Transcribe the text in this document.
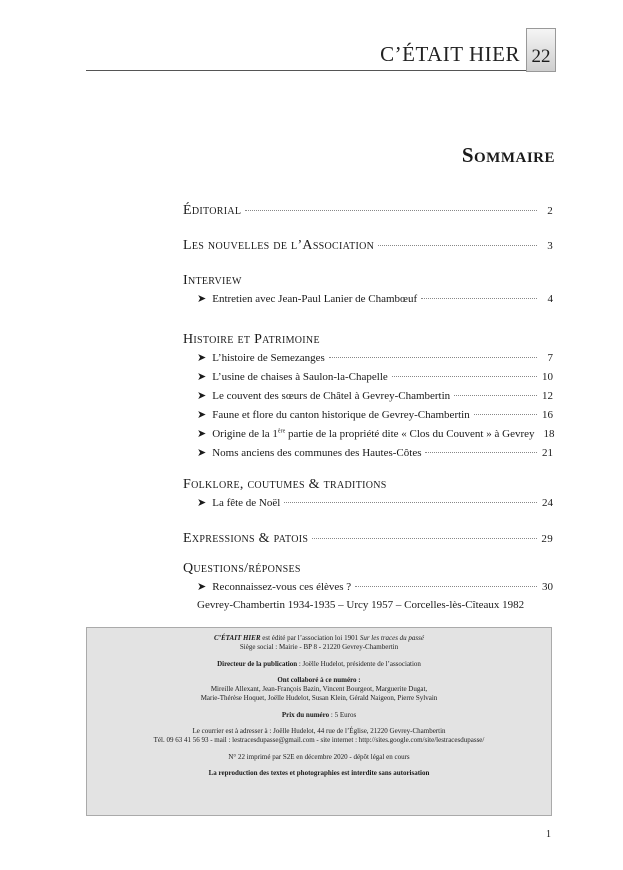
C’ÉTAIT HIER 22
Sommaire
Éditorial	2
Les nouvelles de l’Association	3
Interview
➤ Entretien avec Jean-Paul Lanier de Chambœuf	4
Histoire et Patrimoine
➤ L’histoire de Semezanges	7
➤ L’usine de chaises à Saulon-la-Chapelle	10
➤ Le couvent des sœurs de Châtel à Gevrey-Chambertin	12
➤ Faune et flore du canton historique de Gevrey-Chambertin	16
➤ Origine de la 1ère partie de la propriété dite « Clos du Couvent » à Gevrey 18
➤ Noms anciens des communes des Hautes-Côtes	21
Folklore, coutumes & traditions
➤ La fête de Noël	24
Expressions & patois	29
Questions/réponses
➤ Reconnaissez-vous ces élèves ?	30
Gevrey-Chambertin 1934-1935 – Urcy 1957 – Corcelles-lès-Cîteaux 1982
C’ÉTAIT HIER est édité par l’association loi 1901 Sur les traces du passé
Siège social : Mairie - BP 8 - 21220 Gevrey-Chambertin
Directeur de la publication : Joëlle Hudelot, présidente de l’association
Ont collaboré à ce numéro :
Mireille Allexant, Jean-François Bazin, Vincent Bourgeot, Marguerite Dugat,
Marie-Thérèse Hoquet, Joëlle Hudelot, Susan Klein, Gérald Naigeon, Pierre Sylvain
Prix du numéro : 5 Euros
Le courrier est à adresser à : Joëlle Hudelot, 44 rue de l’Église, 21220 Gevrey-Chambertin
Tél. 09 63 41 56 93 - mail : lestracesdupasse@gmail.com - site internet : http://sites.google.com/site/lestracesdupasse/
N° 22 imprimé par S2E en décembre 2020 - dépôt légal en cours
La reproduction des textes et photographies est interdite sans autorisation
1
